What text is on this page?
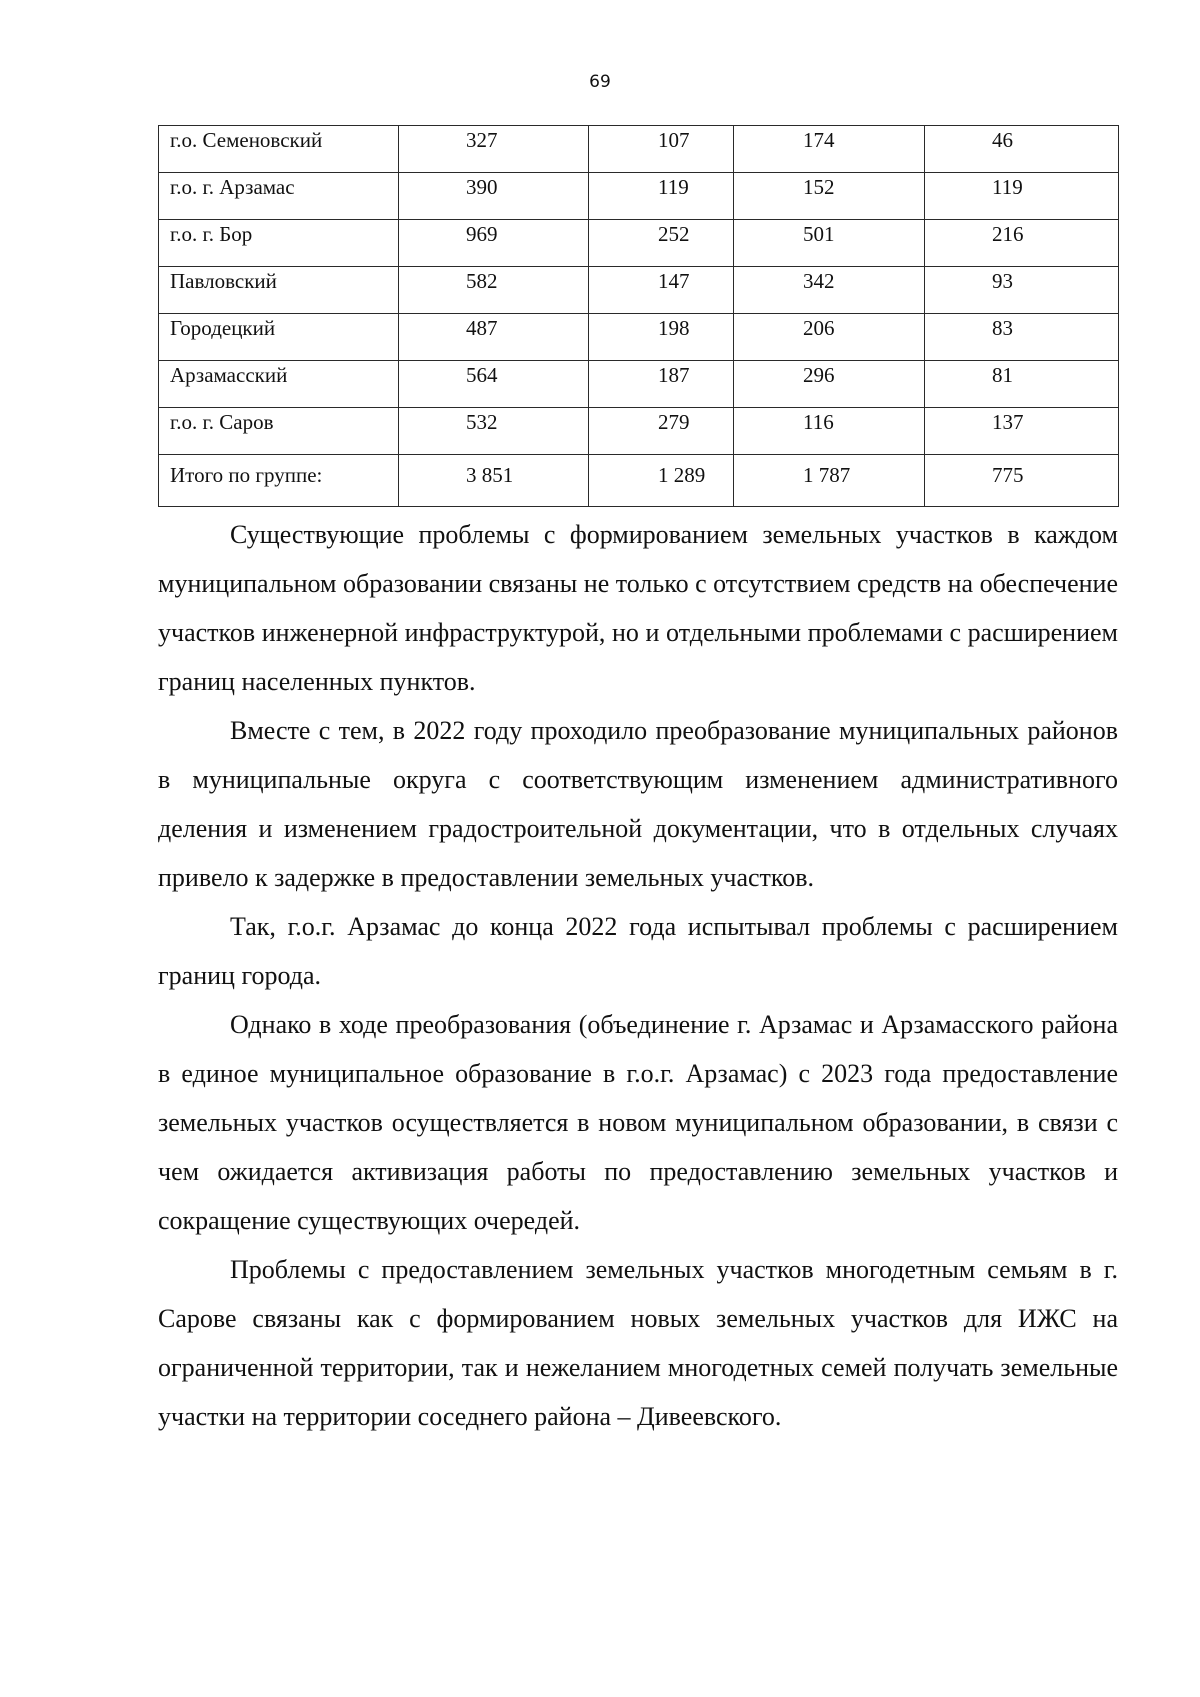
69
г.о. Семеновский	327	107	174	46
г.о. г. Арзамас	390	119	152	119
г.о. г. Бор	969	252	501	216
Павловский	582	147	342	93
Городецкий	487	198	206	83
Арзамасский	564	187	296	81
г.о. г. Саров	532	279	116	137
Итого по группе:	3 851	1 289	1 787	775

Существующие проблемы с формированием земельных участков в каждом муниципальном образовании связаны не только с отсутствием средств на обеспечение участков инженерной инфраструктурой, но и отдельными проблемами с расширением границ населенных пунктов.

Вместе с тем, в 2022 году проходило преобразование муниципальных районов в муниципальные округа с соответствующим изменением административного деления и изменением градостроительной документации, что в отдельных случаях привело к задержке в предоставлении земельных участков.

Так, г.о.г. Арзамас до конца 2022 года испытывал проблемы с расширением границ города.

Однако в ходе преобразования (объединение г. Арзамас и Арзамасского района в единое муниципальное образование в г.о.г. Арзамас) с 2023 года предоставление земельных участков осуществляется в новом муниципальном образовании, в связи с чем ожидается активизация работы по предоставлению земельных участков и сокращение существующих очередей.

Проблемы с предоставлением земельных участков многодетным семьям в г. Сарове связаны как с формированием новых земельных участков для ИЖС на ограниченной территории, так и нежеланием многодетных семей получать земельные участки на территории соседнего района – Дивеевского.
